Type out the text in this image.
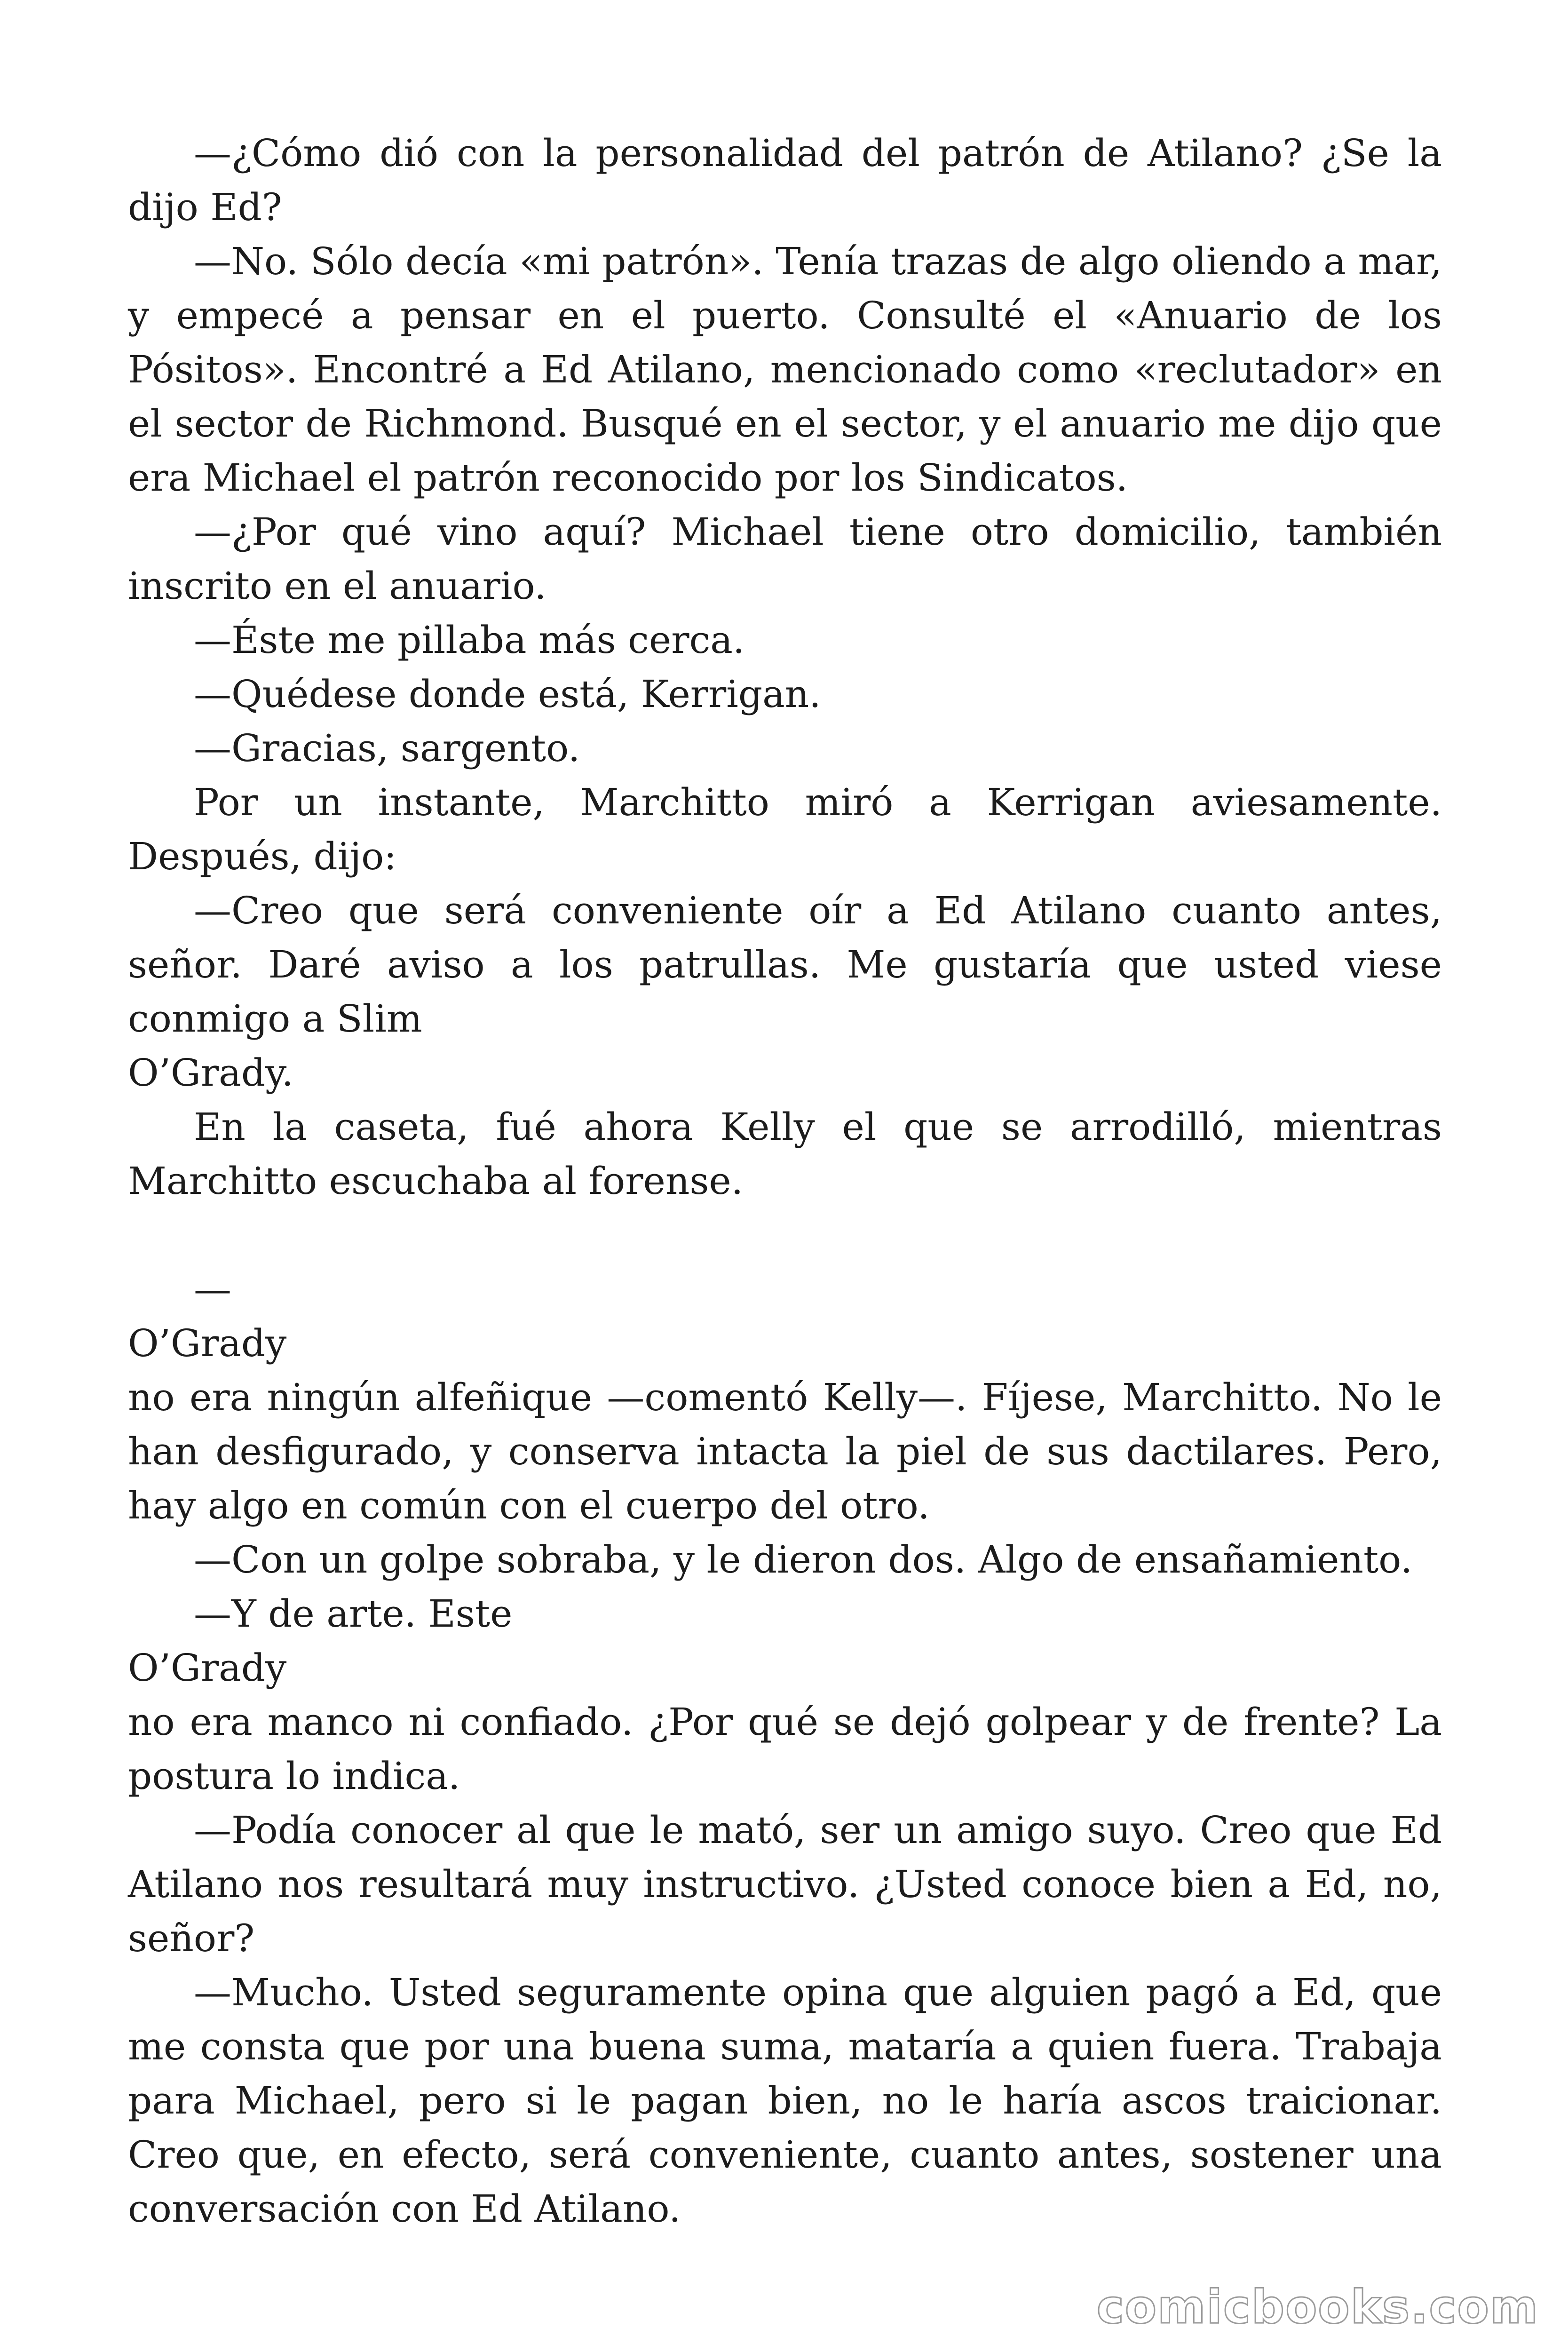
—¿Cómo dió con la personalidad del patrón de Atilano? ¿Se la dijo Ed?

—No. Sólo decía «mi patrón». Tenía trazas de algo oliendo a mar, y empecé a pensar en el puerto. Consulté el «Anuario de los Pósitos». Encontré a Ed Atilano, mencionado como «reclutador» en el sector de Richmond. Busqué en el sector, y el anuario me dijo que era Michael el patrón reconocido por los Sindicatos.

—¿Por qué vino aquí? Michael tiene otro domicilio, también inscrito en el anuario.

—Éste me pillaba más cerca.

—Quédese donde está, Kerrigan.

—Gracias, sargento.

Por un instante, Marchitto miró a Kerrigan aviesamente. Después, dijo:

—Creo que será conveniente oír a Ed Atilano cuanto antes, señor. Daré aviso a los patrullas. Me gustaría que usted viese conmigo a Slim

O’Grady.

En la caseta, fué ahora Kelly el que se arrodilló, mientras Marchitto escuchaba al forense.

—

O’Grady

no era ningún alfeñique —comentó Kelly—. Fíjese, Marchitto. No le han desfigurado, y conserva intacta la piel de sus dactilares. Pero, hay algo en común con el cuerpo del otro.

—Con un golpe sobraba, y le dieron dos. Algo de ensañamiento.

—Y de arte. Este

O’Grady

no era manco ni confiado. ¿Por qué se dejó golpear y de frente? La postura lo indica.

—Podía conocer al que le mató, ser un amigo suyo. Creo que Ed Atilano nos resultará muy instructivo. ¿Usted conoce bien a Ed, no, señor?

—Mucho. Usted seguramente opina que alguien pagó a Ed, que me consta que por una buena suma, mataría a quien fuera. Trabaja para Michael, pero si le pagan bien, no le haría ascos traicionar. Creo que, en efecto, será conveniente, cuanto antes, sostener una conversación con Ed Atilano.

comicbooks.com
